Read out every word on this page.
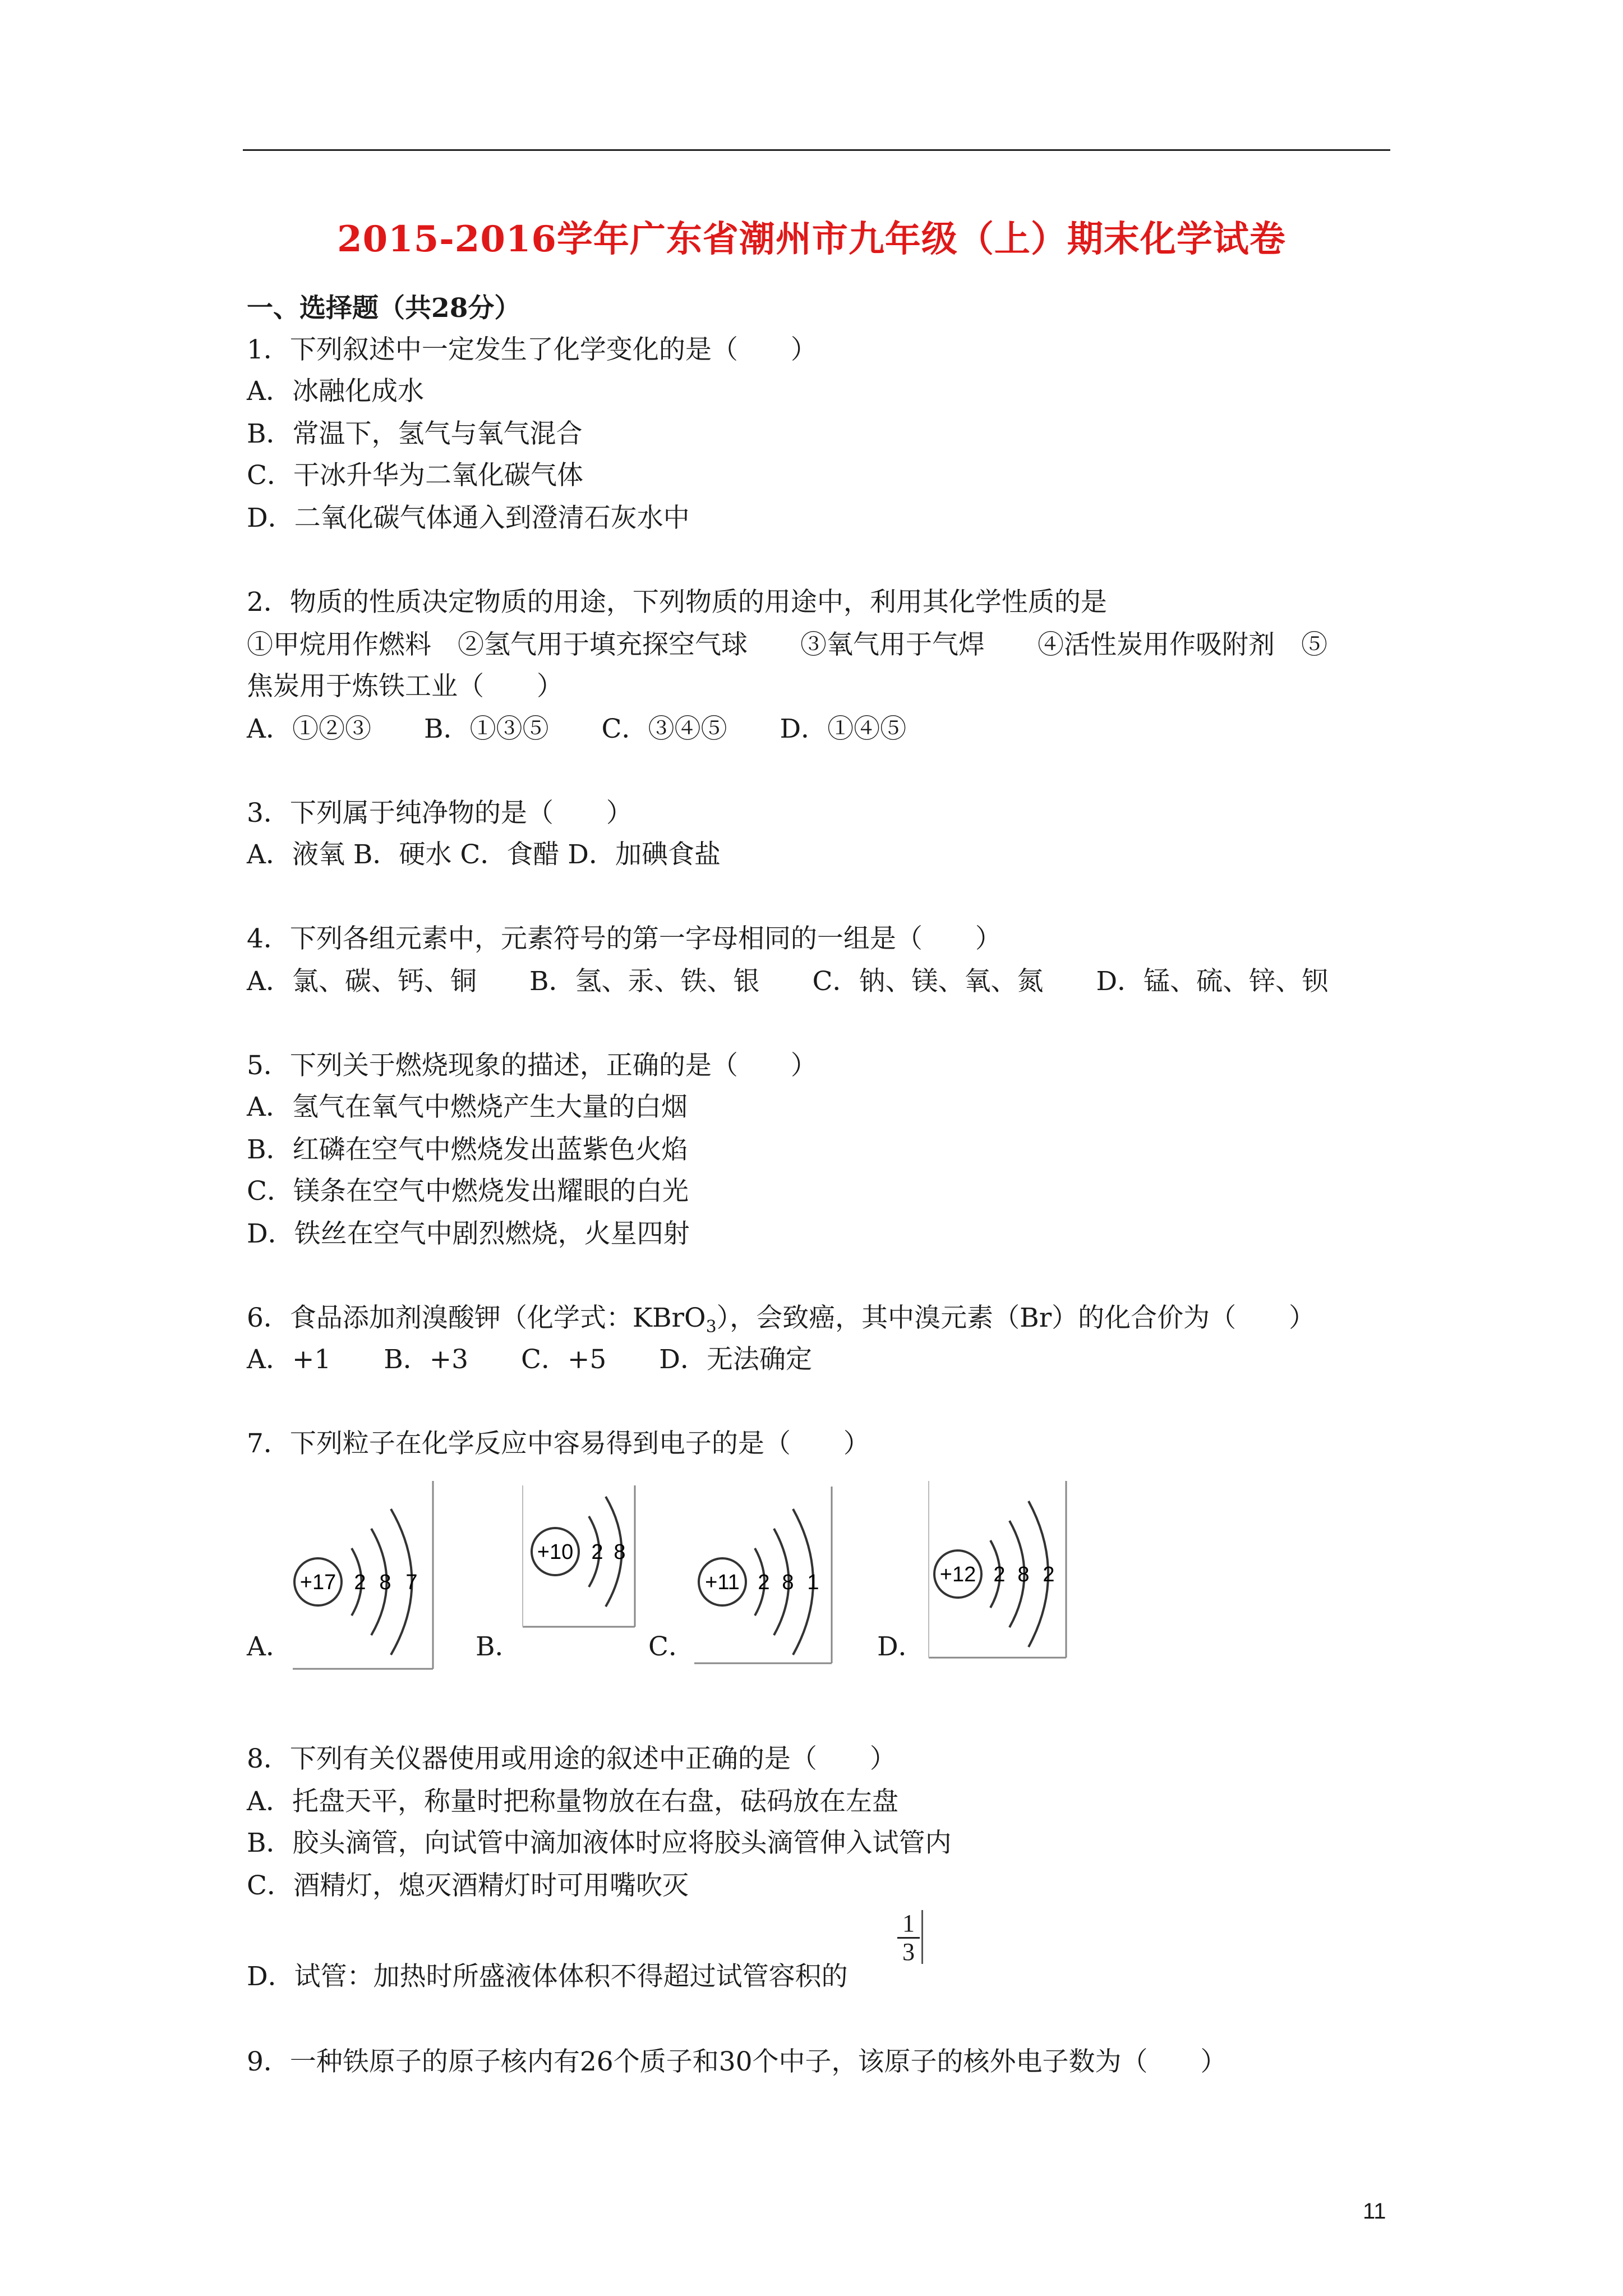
2015-2016学年广东省潮州市九年级（上）期末化学试卷
一、选择题（共28分）
1．下列叙述中一定发生了化学变化的是（　　）
A．冰融化成水
B．常温下，氢气与氧气混合
C．干冰升华为二氧化碳气体
D．二氧化碳气体通入到澄清石灰水中
2．物质的性质决定物质的用途，下列物质的用途中，利用其化学性质的是
①甲烷用作燃料　②氢气用于填充探空气球　　③氧气用于气焊　　④活性炭用作吸附剂　⑤
焦炭用于炼铁工业（　　）
A．①②③　　B．①③⑤　　C．③④⑤　　D．①④⑤
3．下列属于纯净物的是（　　）
A．液氧 B．硬水 C．食醋 D．加碘食盐
4．下列各组元素中，元素符号的第一字母相同的一组是（　　）
A．氯、碳、钙、铜　　B．氢、汞、铁、银　　C．钠、镁、氧、氮　　D．锰、硫、锌、钡
5．下列关于燃烧现象的描述，正确的是（　　）
A．氢气在氧气中燃烧产生大量的白烟
B．红磷在空气中燃烧发出蓝紫色火焰
C．镁条在空气中燃烧发出耀眼的白光
D．铁丝在空气中剧烈燃烧，火星四射
6．食品添加剂溴酸钾（化学式：KBrO$_3$），会致癌，其中溴元素（Br）的化合价为（　　）
A．+1　　B．+3　　C．+5　　D．无法确定
7．下列粒子在化学反应中容易得到电子的是（　　）
A．	B．	C．	D．
+17 2 8 7
+10 2 8
+11 2 8 1	+12 2 8 2
8．下列有关仪器使用或用途的叙述中正确的是（　　）
A．托盘天平，称量时把称量物放在右盘，砝码放在左盘
B．胶头滴管，向试管中滴加液体时应将胶头滴管伸入试管内
C．酒精灯，熄灭酒精灯时可用嘴吹灭
D．试管：加热时所盛液体体积不得超过试管容积的
$\frac{1}{3}$
9．一种铁原子的原子核内有26个质子和30个中子，该原子的核外电子数为（　　）
11
